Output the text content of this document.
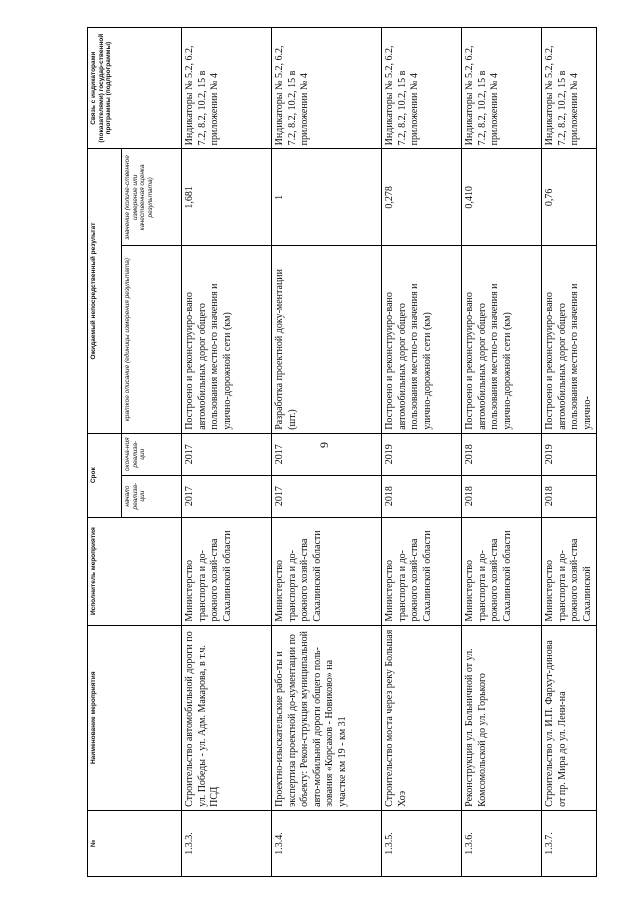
9
№	Наименование мероприятия	Исполнитель мероприятия	Срок		Ожидаемый непосредственный результат		Связь с индикаторами (показателями) государ-ственной программы (подпрограммы)
			начало реализа-ции	оконча-ния реализа-ции	краткое описание (единицы измерения результата)	значение (количе-ственное измерение или качественная оценка результата)	
1.3.3.	Строительство автомобильной дороги по ул. Победы - ул. Адм. Макарова, в т.ч. ПСД	Министерство транспорта и до-рожного хозяй-ства Сахалинской области	2017	2017	Построено и реконструиро-вано автомобильных дорог общего пользования местно-го значения и улично-дорожной сети (км)	1,681	Индикаторы № 5.2, 6.2, 7.2, 8.2, 10.2, 15 в приложении № 4
1.3.4.	Проектно-изыскательские рабо-ты и экспертиза проектной до-кументации по объекту: Рекон-струкция муниципальной авто-мобильной дороги общего поль-зования «Корсаков - Новиково» на участке км 19 - км 31	Министерство транспорта и до-рожного хозяй-ства Сахалинской области	2017	2017	Разработка проектной доку-ментации (шт.)	1	Индикаторы № 5.2, 6.2, 7.2, 8.2, 10.2, 15 в приложении № 4
1.3.5.	Строительство моста через реку Большая Хоэ	Министерство транспорта и до-рожного хозяй-ства Сахалинской области	2018	2019	Построено и реконструиро-вано автомобильных дорог общего пользования местно-го значения и улично-дорожной сети (км)	0,278	Индикаторы № 5.2, 6.2, 7.2, 8.2, 10.2, 15 в приложении № 4
1.3.6.	Реконструкция ул. Больничной от ул. Комсомольской до ул. Горького	Министерство транспорта и до-рожного хозяй-ства Сахалинской области	2018	2018	Построено и реконструиро-вано автомобильных дорог общего пользования местно-го значения и улично-дорожной сети (км)	0,410	Индикаторы № 5.2, 6.2, 7.2, 8.2, 10.2, 15 в приложении № 4
1.3.7.	Строительство ул. И.П. Фархут-динова от пр. Мира до ул. Лени-на	Министерство транспорта и до-рожного хозяй-ства Сахалинской	2018	2019	Построено и реконструиро-вано автомобильных дорог общего пользования местно-го значения и улично-	0,76	Индикаторы № 5.2, 6.2, 7.2, 8.2, 10.2, 15 в приложении № 4
